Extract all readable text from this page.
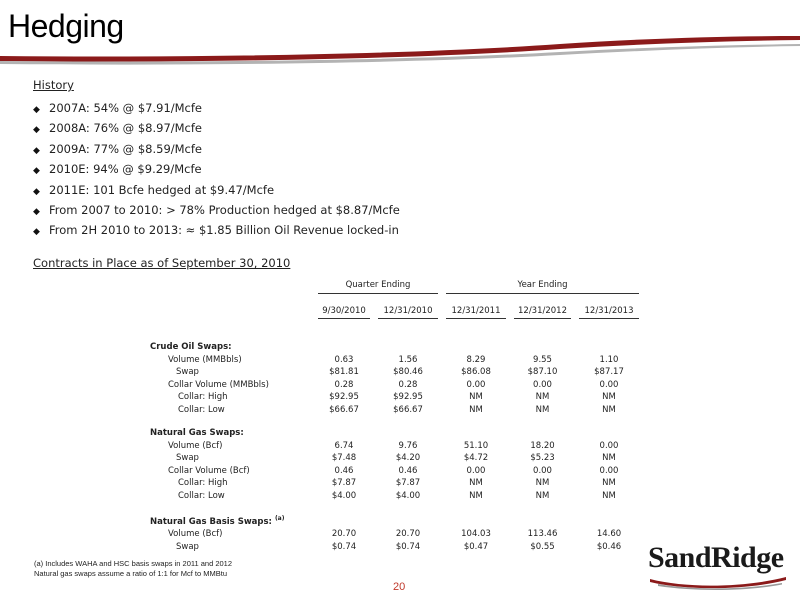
Hedging
History
◆ 2007A: 54% @ $7.91/Mcfe
◆ 2008A: 76% @ $8.97/Mcfe
◆ 2009A: 77% @ $8.59/Mcfe
◆ 2010E: 94% @ $9.29/Mcfe
◆ 2011E: 101 Bcfe hedged at $9.47/Mcfe
◆ From 2007 to 2010: > 78% Production hedged at $8.87/Mcfe
◆ From 2H 2010 to 2013: ≈ $1.85 Billion Oil Revenue locked-in
Contracts in Place as of September 30, 2010

	Quarter Ending		Year Ending		

	9/30/2010	12/31/2010	12/31/2011	12/31/2012	12/31/2013

Crude Oil Swaps:					
Volume (MMBbls)	0.63	1.56	8.29	9.55	1.10
Swap	$81.81	$80.46	$86.08	$87.10	$87.17
Collar Volume (MMBbls)	0.28	0.28	0.00	0.00	0.00
Collar: High	$92.95	$92.95	NM	NM	NM
Collar: Low	$66.67	$66.67	NM	NM	NM

Natural Gas Swaps:					
Volume (Bcf)	6.74	9.76	51.10	18.20	0.00
Swap	$7.48	$4.20	$4.72	$5.23	NM
Collar Volume (Bcf)	0.46	0.46	0.00	0.00	0.00
Collar: High	$7.87	$7.87	NM	NM	NM
Collar: Low	$4.00	$4.00	NM	NM	NM

Natural Gas Basis Swaps: $^{(a)}$
Volume (Bcf)	20.70	20.70	104.03	113.46	14.60
Swap	$0.74	$0.74	$0.47	$0.55	$0.46
(a) Includes WAHA and HSC basis swaps in 2011 and 2012
Natural gas swaps assume a ratio of 1:1 for Mcf to MMBtu
20
SandRidge
